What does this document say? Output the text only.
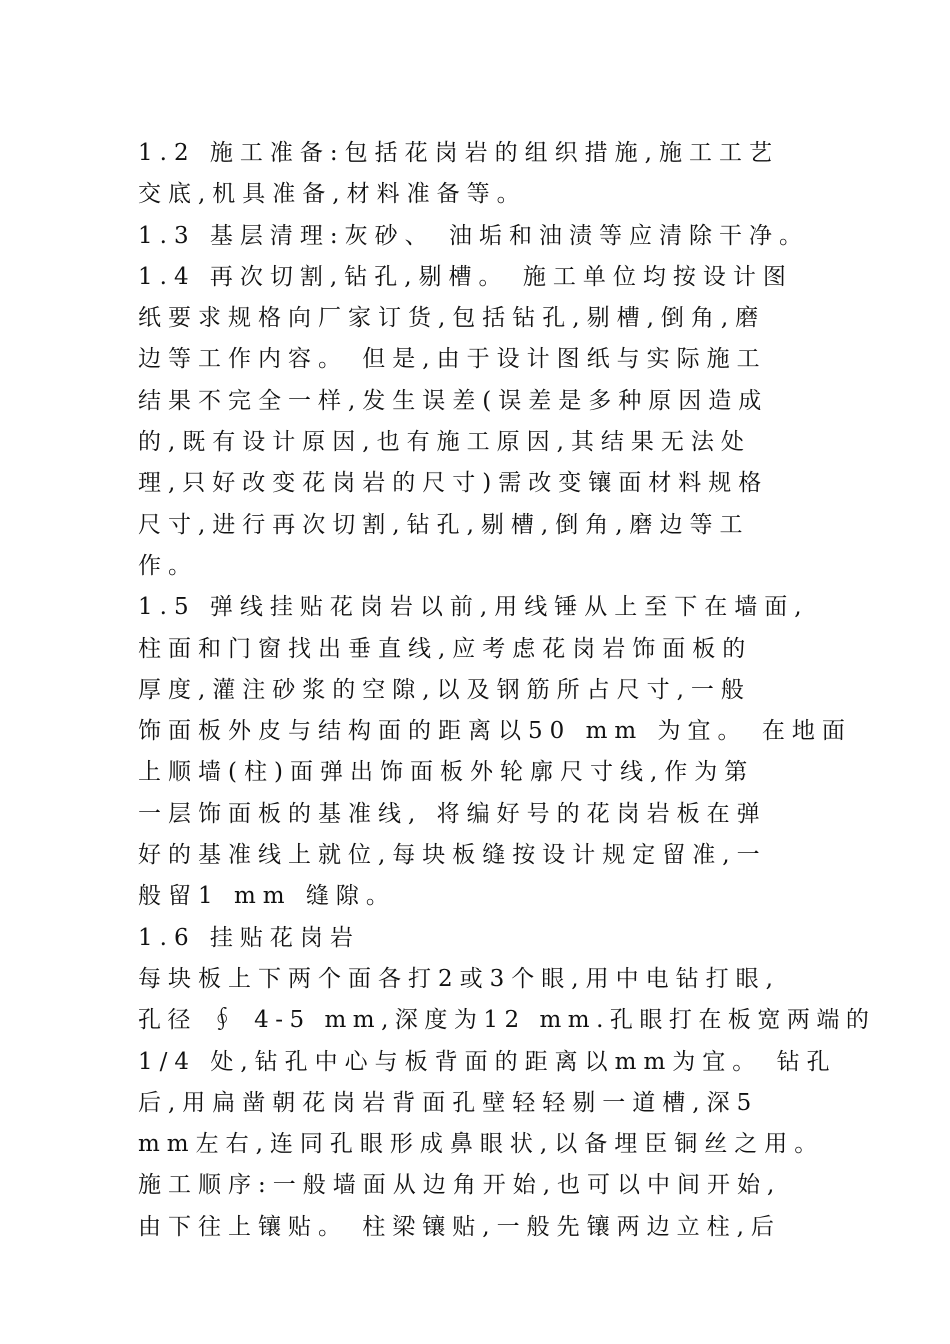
1.2 施工准备:包括花岗岩的组织措施,施工工艺
交底,机具准备,材料准备等。
1.3 基层清理:灰砂、 油垢和油渍等应清除干净。
1.4 再次切割,钻孔,剔槽。 施工单位均按设计图
纸要求规格向厂家订货,包括钻孔,剔槽,倒角,磨
边等工作内容。 但是,由于设计图纸与实际施工
结果不完全一样,发生误差(误差是多种原因造成
的,既有设计原因,也有施工原因,其结果无法处
理,只好改变花岗岩的尺寸)需改变镶面材料规格
尺寸,进行再次切割,钻孔,剔槽,倒角,磨边等工
作。
1.5 弹线挂贴花岗岩以前,用线锤从上至下在墙面,
柱面和门窗找出垂直线,应考虑花岗岩饰面板的
厚度,灌注砂浆的空隙,以及钢筋所占尺寸,一般
饰面板外皮与结构面的距离以50 mm 为宜。 在地面
上顺墙(柱)面弹出饰面板外轮廓尺寸线,作为第
一层饰面板的基准线, 将编好号的花岗岩板在弹
好的基准线上就位,每块板缝按设计规定留准,一
般留1 mm 缝隙。
1.6 挂贴花岗岩
每块板上下两个面各打2或3个眼,用中电钻打眼,
孔径 ∮ 4-5 mm,深度为12 mm.孔眼打在板宽两端的
1/4 处,钻孔中心与板背面的距离以mm为宜。 钻孔
后,用扁凿朝花岗岩背面孔壁轻轻剔一道槽,深5
mm左右,连同孔眼形成鼻眼状,以备埋臣铜丝之用。
施工顺序:一般墙面从边角开始,也可以中间开始,
由下往上镶贴。 柱梁镶贴,一般先镶两边立柱,后
